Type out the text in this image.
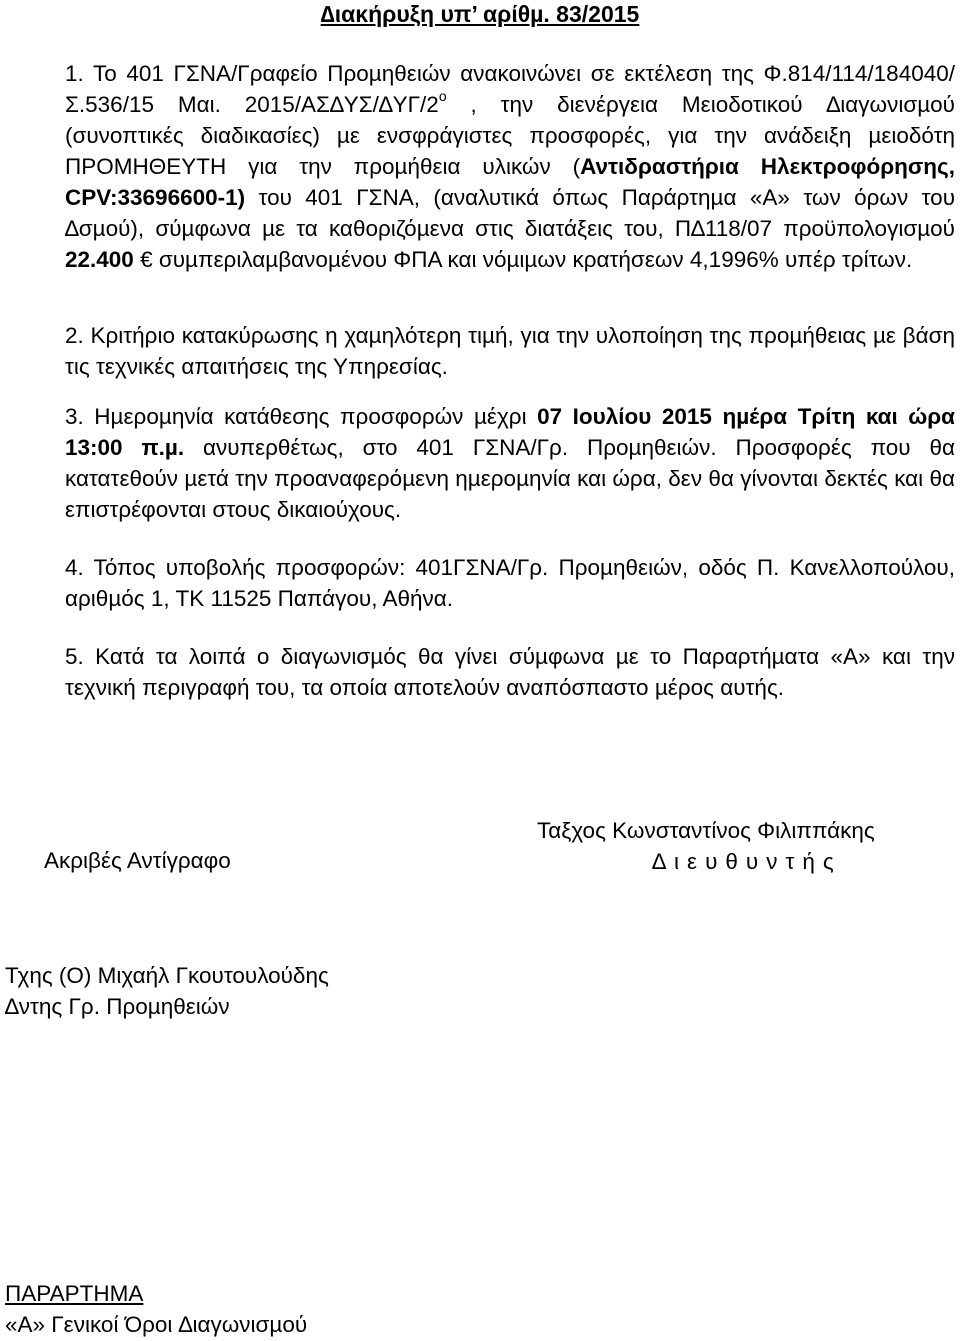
∆ιακήρυξη υπ’ αρίθµ. 83/2015

1. Το 401 ΓΣΝΑ/Γραφείο Προµηθειών ανακοινώνει σε εκτέλεση της Φ.814/114/184040/Σ.536/15 Μαι. $2015/A\Sigma\Delta\Upsilon\Sigma/\Delta\Upsilon\Gamma/2^o$ , την διενέργεια Μειοδοτικού ∆ιαγωνισµού (συνοπτικές διαδικασίες) µε ενσφράγιστες προσφορές, για την ανάδειξη µειοδότη ΠΡΟΜΗΘΕΥΤΗ για την προµήθεια υλικών (Αντιδραστήρια Ηλεκτροφόρησης, CPV:33696600-1) του 401 ΓΣΝΑ, (αναλυτικά όπως Παράρτηµα «Α» των όρων του ∆σµού), σύµφωνα µε τα καθοριζόµενα στις διατάξεις του, Π∆118/07 προϋπολογισµού 22.400 € συµπεριλαµβανοµένου ΦΠΑ και νόµιµων κρατήσεων 4,1996% υπέρ τρίτων.

2. Κριτήριο κατακύρωσης η χαµηλότερη τιµή, για την υλοποίηση της προµήθειας µε βάση τις τεχνικές απαιτήσεις της Υπηρεσίας.

3. Ηµεροµηνία κατάθεσης προσφορών µέχρι 07 Ιουλίου 2015 ηµέρα Τρίτη και ώρα 13:00 π.µ. ανυπερθέτως, στο 401 ΓΣΝΑ/Γρ. Προµηθειών. Προσφορές που θα κατατεθούν µετά την προαναφερόµενη ηµεροµηνία και ώρα, δεν θα γίνονται δεκτές και θα επιστρέφονται στους δικαιούχους.

4. Τόπος υποβολής προσφορών: 401ΓΣΝΑ/Γρ. Προµηθειών, οδός Π. Κανελλοπούλου, αριθµός 1, ΤΚ 11525 Παπάγου, Αθήνα.

5. Κατά τα λοιπά ο διαγωνισµός θα γίνει σύµφωνα µε το Παραρτήµατα «Α» και την τεχνική περιγραφή του, τα οποία αποτελούν αναπόσπαστο µέρος αυτής.

Ακριβές Αντίγραφο
Ταξχος Κωνσταντίνος Φιλιππάκης
∆ιευθυντής
Τχης (Ο) Μιχαήλ Γκουτουλούδης
∆ντης Γρ. Προµηθειών
ΠΑΡΑΡΤΗΜΑ
«Α» Γενικοί Όροι ∆ιαγωνισµού
